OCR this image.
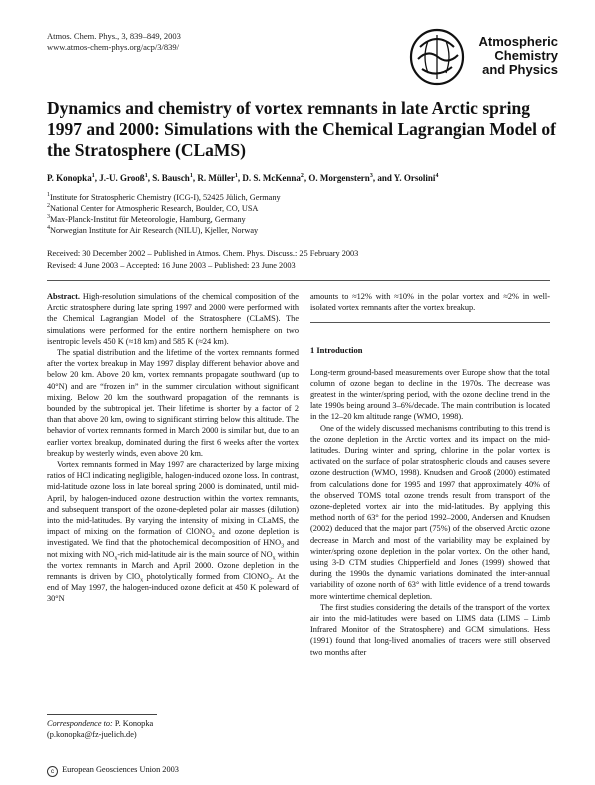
Atmos. Chem. Phys., 3, 839–849, 2003
www.atmos-chem-phys.org/acp/3/839/	Atmospheric
Chemistry
and Physics
Dynamics and chemistry of vortex remnants in late Arctic spring 1997 and 2000: Simulations with the Chemical Lagrangian Model of the Stratosphere (CLaMS)
P. Konopka$^1$, J.-U. Grooß$^1$, S. Bausch$^1$, R. Müller$^1$, D. S. McKenna$^2$, O. Morgenstern$^3$, and Y. Orsolini$^4$
$^1$Institute for Stratospheric Chemistry (ICG-I), 52425 Jülich, Germany
$^2$National Center for Atmospheric Research, Boulder, CO, USA
$^3$Max-Planck-Institut für Meteorologie, Hamburg, Germany
$^4$Norwegian Institute for Air Research (NILU), Kjeller, Norway
Received: 30 December 2002 – Published in Atmos. Chem. Phys. Discuss.: 25 February 2003
Revised: 4 June 2003 – Accepted: 16 June 2003 – Published: 23 June 2003

Abstract. High-resolution simulations of the chemical composition of the Arctic stratosphere during late spring 1997 and 2000 were performed with the Chemical Lagrangian Model of the Stratosphere (CLaMS). The simulations were performed for the entire northern hemisphere on two isentropic levels 450 K (≈18 km) and 585 K (≈24 km).

The spatial distribution and the lifetime of the vortex remnants formed after the vortex breakup in May 1997 display different behavior above and below 20 km. Above 20 km, vortex remnants propagate southward (up to 40°N) and are “frozen in” in the summer circulation without significant mixing. Below 20 km the southward propagation of the remnants is bounded by the subtropical jet. Their lifetime is shorter by a factor of 2 than that above 20 km, owing to significant stirring below this altitude. The behavior of vortex remnants formed in March 2000 is similar but, due to an earlier vortex breakup, dominated during the first 6 weeks after the vortex breakup by westerly winds, even above 20 km.

Vortex remnants formed in May 1997 are characterized by large mixing ratios of HCl indicating negligible, halogen-induced ozone loss. In contrast, mid-latitude ozone loss in late boreal spring 2000 is dominated, until mid-April, by halogen-induced ozone destruction within the vortex remnants, and subsequent transport of the ozone-depleted polar air masses (dilution) into the mid-latitudes. By varying the intensity of mixing in CLaMS, the impact of mixing on the formation of ClONO$_2$ and ozone depletion is investigated. We find that the photochemical decomposition of $HNO_3$ and not mixing with $NO_x$-rich mid-latitude air is the main source of $NO_x$ within the vortex remnants in March and April 2000. Ozone depletion in the remnants is driven by ClO$_x$ photolytically formed from ClONO$_2$. At the end of May 1997, the halogen-induced ozone deficit at 450 K poleward of 30°N

amounts to ≈12% with ≈10% in the polar vortex and ≈2% in well-isolated vortex remnants after the vortex breakup.

1 Introduction

Long-term ground-based measurements over Europe show that the total column of ozone began to decline in the 1970s. The decrease was greatest in the winter/spring period, with the ozone decline trend in the late 1990s being around 3–6%/decade. The main contribution is located in the 12–20 km altitude range (WMO, 1998).

One of the widely discussed mechanisms contributing to this trend is the ozone depletion in the Arctic vortex and its impact on the mid-latitudes. During winter and spring, chlorine in the polar vortex is activated on the surface of polar stratospheric clouds and causes severe ozone destruction (WMO, 1998). Knudsen and Grooß (2000) estimated from calculations done for 1995 and 1997 that approximately 40% of the observed TOMS total ozone trends result from transport of the ozone-depleted vortex air into the mid-latitudes. By applying this method north of 63° for the period 1992–2000, Andersen and Knudsen (2002) deduced that the major part (75%) of the observed Arctic ozone decrease in March and most of the variability may be explained by winter/spring ozone depletion in the polar vortex. On the other hand, using 3-D CTM studies Chipperfield and Jones (1999) showed that during the 1990s the dynamic variations dominated the inter-annual variability of ozone north of 63° with little evidence of a trend towards more wintertime chemical depletion.

The first studies considering the details of the transport of the vortex air into the mid-latitudes were based on LIMS data (LIMS – Limb Infrared Monitor of the Stratosphere) and GCM simulations. Hess (1991) found that long-lived anomalies of tracers were still observed two months after

Correspondence to: P. Konopka
(p.konopka@fz-juelich.de)
c European Geosciences Union 2003
